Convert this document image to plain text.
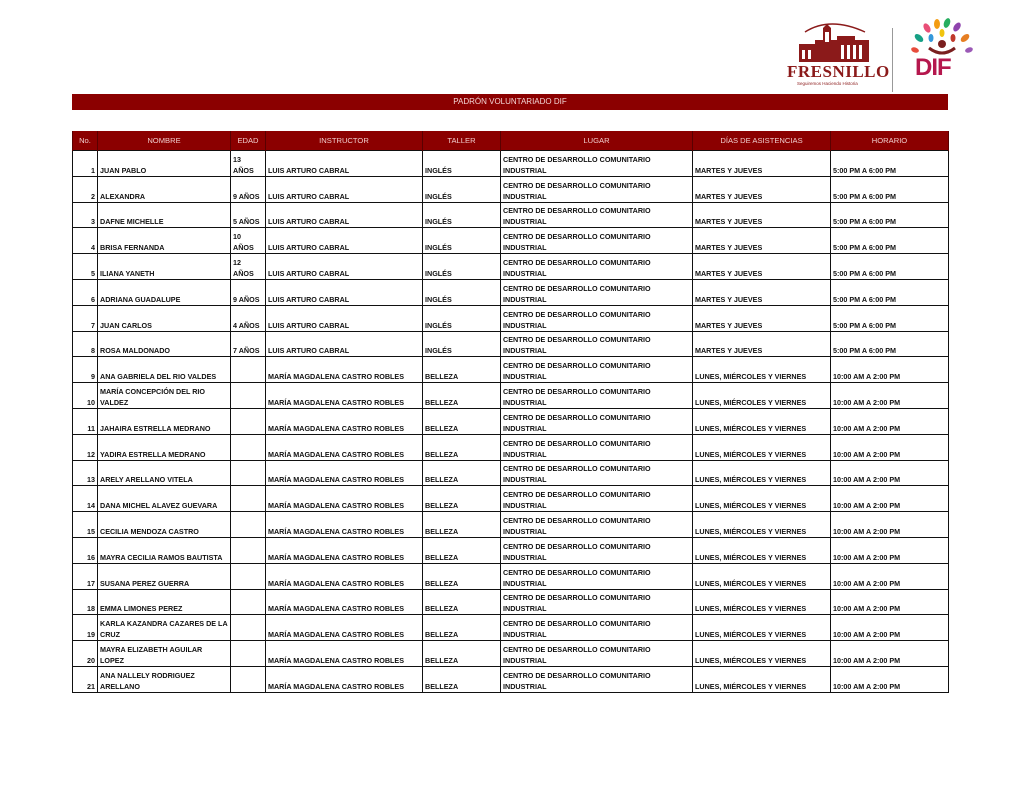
FRESNILLO
Seguiremos Haciendo Historia
DIF
PADRÓN VOLUNTARIADO DIF
No.	NOMBRE	EDAD	INSTRUCTOR	TALLER	LUGAR	DÍAS DE ASISTENCIAS	HORARIO
1	JUAN PABLO	13 AÑOS	LUIS ARTURO CABRAL	INGLÉS	CENTRO DE DESARROLLO COMUNITARIO INDUSTRIAL	MARTES Y JUEVES	5:00 PM A 6:00 PM
2	ALEXANDRA	9 AÑOS	LUIS ARTURO CABRAL	INGLÉS	CENTRO DE DESARROLLO COMUNITARIO INDUSTRIAL	MARTES Y JUEVES	5:00 PM A 6:00 PM
3	DAFNE MICHELLE	5 AÑOS	LUIS ARTURO CABRAL	INGLÉS	CENTRO DE DESARROLLO COMUNITARIO INDUSTRIAL	MARTES Y JUEVES	5:00 PM A 6:00 PM
4	BRISA FERNANDA	10 AÑOS	LUIS ARTURO CABRAL	INGLÉS	CENTRO DE DESARROLLO COMUNITARIO INDUSTRIAL	MARTES Y JUEVES	5:00 PM A 6:00 PM
5	ILIANA YANETH	12 AÑOS	LUIS ARTURO CABRAL	INGLÉS	CENTRO DE DESARROLLO COMUNITARIO INDUSTRIAL	MARTES Y JUEVES	5:00 PM A 6:00 PM
6	ADRIANA GUADALUPE	9 AÑOS	LUIS ARTURO CABRAL	INGLÉS	CENTRO DE DESARROLLO COMUNITARIO INDUSTRIAL	MARTES Y JUEVES	5:00 PM A 6:00 PM
7	JUAN CARLOS	4 AÑOS	LUIS ARTURO CABRAL	INGLÉS	CENTRO DE DESARROLLO COMUNITARIO INDUSTRIAL	MARTES Y JUEVES	5:00 PM A 6:00 PM
8	ROSA MALDONADO	7 AÑOS	LUIS ARTURO CABRAL	INGLÉS	CENTRO DE DESARROLLO COMUNITARIO INDUSTRIAL	MARTES Y JUEVES	5:00 PM A 6:00 PM
9	ANA GABRIELA DEL RIO VALDES		MARÍA MAGDALENA CASTRO ROBLES	BELLEZA	CENTRO DE DESARROLLO COMUNITARIO INDUSTRIAL	LUNES, MIÉRCOLES Y VIERNES	10:00 AM A 2:00 PM
10	MARÍA CONCEPCIÓN DEL RIO VALDEZ		MARÍA MAGDALENA CASTRO ROBLES	BELLEZA	CENTRO DE DESARROLLO COMUNITARIO INDUSTRIAL	LUNES, MIÉRCOLES Y VIERNES	10:00 AM A 2:00 PM
11	JAHAIRA ESTRELLA MEDRANO		MARÍA MAGDALENA CASTRO ROBLES	BELLEZA	CENTRO DE DESARROLLO COMUNITARIO INDUSTRIAL	LUNES, MIÉRCOLES Y VIERNES	10:00 AM A 2:00 PM
12	YADIRA ESTRELLA MEDRANO		MARÍA MAGDALENA CASTRO ROBLES	BELLEZA	CENTRO DE DESARROLLO COMUNITARIO INDUSTRIAL	LUNES, MIÉRCOLES Y VIERNES	10:00 AM A 2:00 PM
13	ARELY ARELLANO VITELA		MARÍA MAGDALENA CASTRO ROBLES	BELLEZA	CENTRO DE DESARROLLO COMUNITARIO INDUSTRIAL	LUNES, MIÉRCOLES Y VIERNES	10:00 AM A 2:00 PM
14	DANA MICHEL ALAVEZ GUEVARA		MARÍA MAGDALENA CASTRO ROBLES	BELLEZA	CENTRO DE DESARROLLO COMUNITARIO INDUSTRIAL	LUNES, MIÉRCOLES Y VIERNES	10:00 AM A 2:00 PM
15	CECILIA MENDOZA CASTRO		MARÍA MAGDALENA CASTRO ROBLES	BELLEZA	CENTRO DE DESARROLLO COMUNITARIO INDUSTRIAL	LUNES, MIÉRCOLES Y VIERNES	10:00 AM A 2:00 PM
16	MAYRA CECILIA RAMOS BAUTISTA		MARÍA MAGDALENA CASTRO ROBLES	BELLEZA	CENTRO DE DESARROLLO COMUNITARIO INDUSTRIAL	LUNES, MIÉRCOLES Y VIERNES	10:00 AM A 2:00 PM
17	SUSANA PEREZ GUERRA		MARÍA MAGDALENA CASTRO ROBLES	BELLEZA	CENTRO DE DESARROLLO COMUNITARIO INDUSTRIAL	LUNES, MIÉRCOLES Y VIERNES	10:00 AM A 2:00 PM
18	EMMA LIMONES PEREZ		MARÍA MAGDALENA CASTRO ROBLES	BELLEZA	CENTRO DE DESARROLLO COMUNITARIO INDUSTRIAL	LUNES, MIÉRCOLES Y VIERNES	10:00 AM A 2:00 PM
19	KARLA KAZANDRA CAZARES DE LA CRUZ		MARÍA MAGDALENA CASTRO ROBLES	BELLEZA	CENTRO DE DESARROLLO COMUNITARIO INDUSTRIAL	LUNES, MIÉRCOLES Y VIERNES	10:00 AM A 2:00 PM
20	MAYRA ELIZABETH AGUILAR LOPEZ		MARÍA MAGDALENA CASTRO ROBLES	BELLEZA	CENTRO DE DESARROLLO COMUNITARIO INDUSTRIAL	LUNES, MIÉRCOLES Y VIERNES	10:00 AM A 2:00 PM
21	ANA NALLELY RODRIGUEZ ARELLANO		MARÍA MAGDALENA CASTRO ROBLES	BELLEZA	CENTRO DE DESARROLLO COMUNITARIO INDUSTRIAL	LUNES, MIÉRCOLES Y VIERNES	10:00 AM A 2:00 PM
